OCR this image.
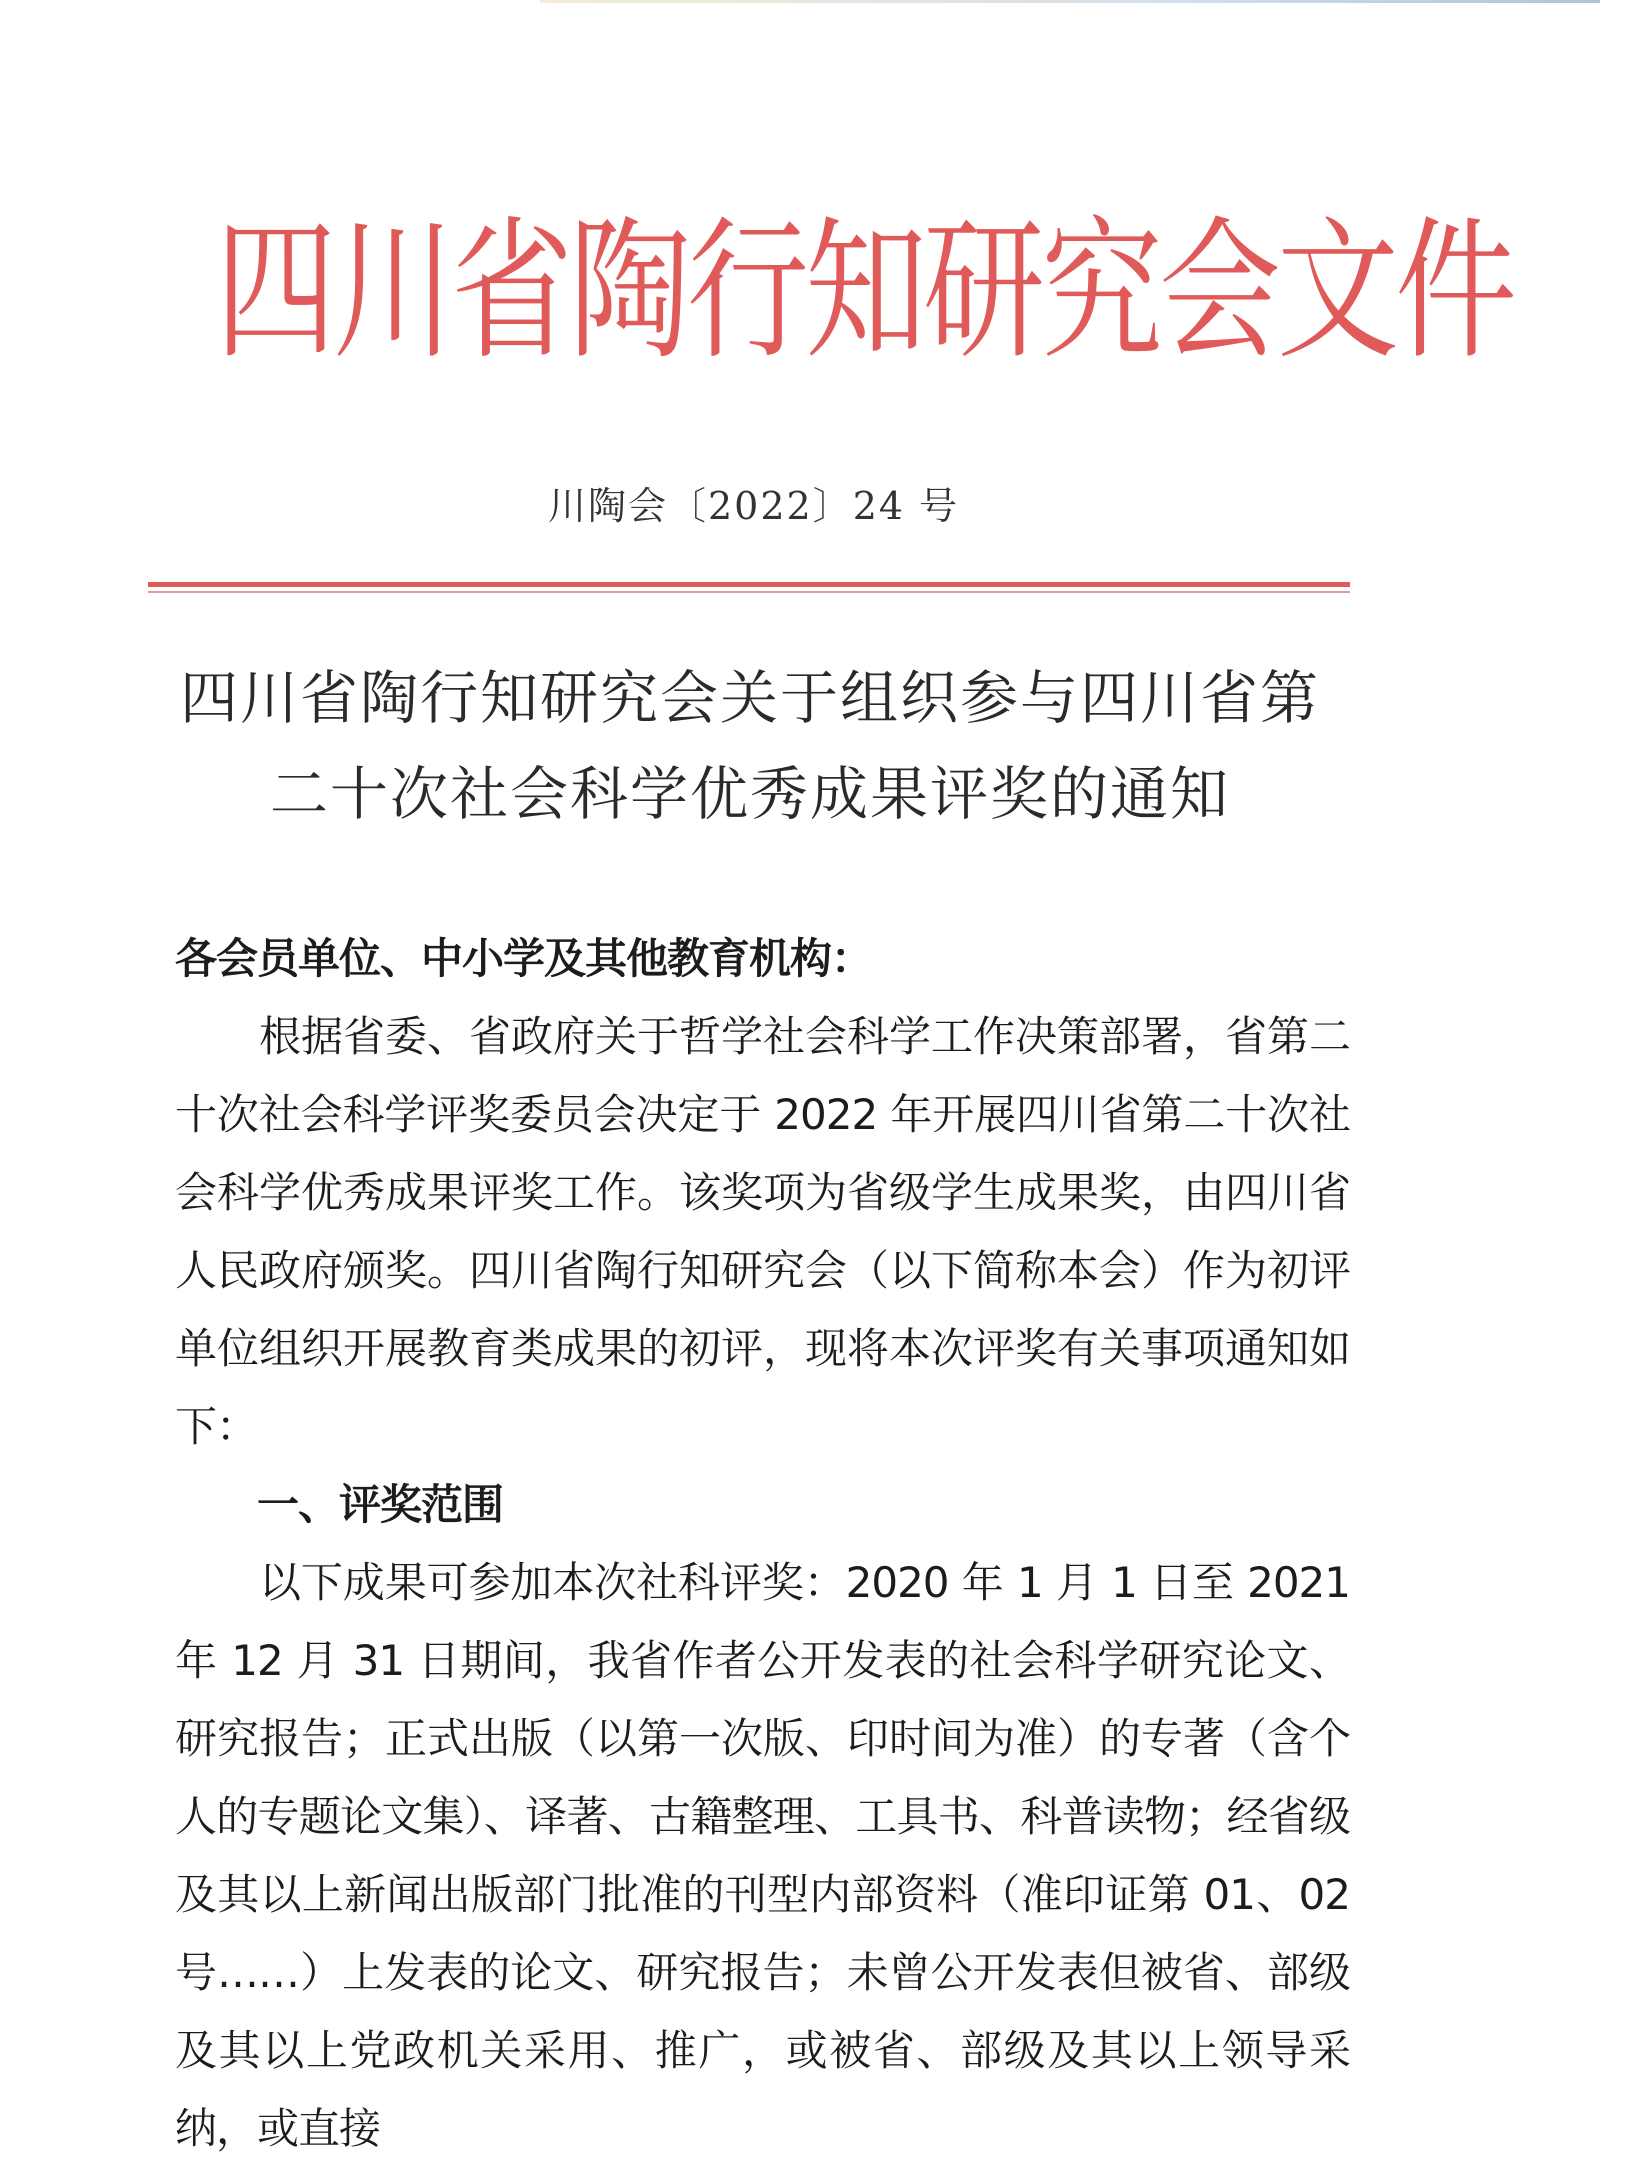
四川省陶行知研究会文件
川陶会〔2022〕24 号
四川省陶行知研究会关于组织参与四川省第
二十次社会科学优秀成果评奖的通知
各会员单位、中小学及其他教育机构：

根据省委、省政府关于哲学社会科学工作决策部署，省第二十次社会科学评奖委员会决定于 2022 年开展四川省第二十次社会科学优秀成果评奖工作。该奖项为省级学生成果奖，由四川省人民政府颁奖。四川省陶行知研究会（以下简称本会）作为初评单位组织开展教育类成果的初评，现将本次评奖有关事项通知如下：

一、评奖范围

以下成果可参加本次社科评奖：2020 年 1 月 1 日至 2021 年 12 月 31 日期间，我省作者公开发表的社会科学研究论文、研究报告；正式出版（以第一次版、印时间为准）的专著（含个人的专题论文集）、译著、古籍整理、工具书、科普读物；经省级及其以上新闻出版部门批准的刊型内部资料（准印证第 01、02 号……）上发表的论文、研究报告；未曾公开发表但被省、部级及其以上党政机关采用、推广，或被省、部级及其以上领导采纳，或直接
